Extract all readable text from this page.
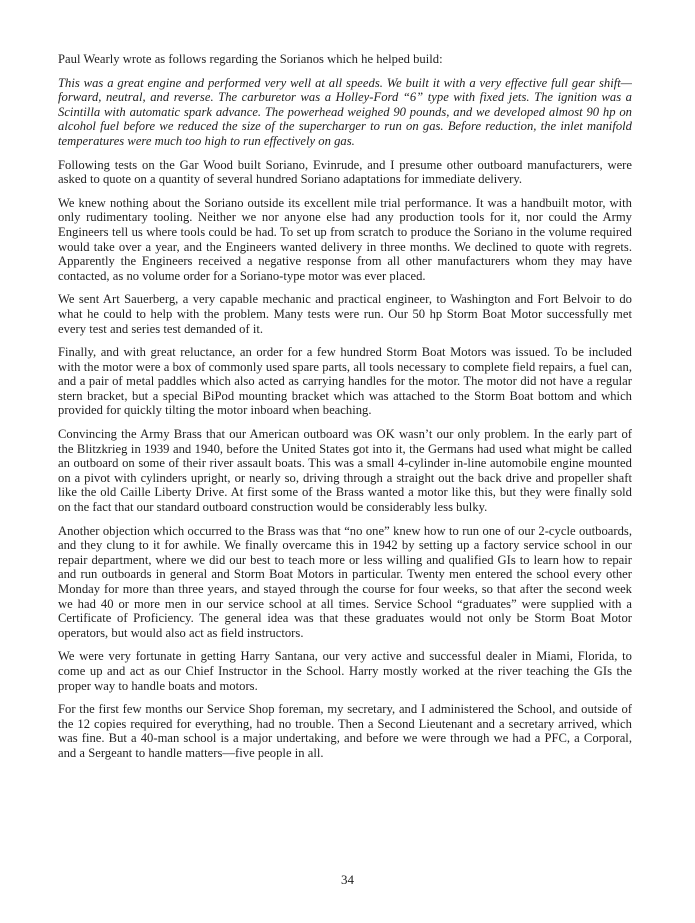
Paul Wearly wrote as follows regarding the Sorianos which he helped build:

This was a great engine and performed very well at all speeds. We built it with a very effective full gear shift—forward, neutral, and reverse. The carburetor was a Holley-Ford “6” type with fixed jets. The ignition was a Scintilla with automatic spark advance. The powerhead weighed 90 pounds, and we developed almost 90 hp on alcohol fuel before we reduced the size of the supercharger to run on gas. Before reduction, the inlet manifold temperatures were much too high to run effectively on gas.

Following tests on the Gar Wood built Soriano, Evinrude, and I presume other outboard manufacturers, were asked to quote on a quantity of several hundred Soriano adaptations for immediate delivery.

We knew nothing about the Soriano outside its excellent mile trial performance. It was a handbuilt motor, with only rudimentary tooling. Neither we nor anyone else had any production tools for it, nor could the Army Engineers tell us where tools could be had. To set up from scratch to produce the Soriano in the volume required would take over a year, and the Engineers wanted delivery in three months. We declined to quote with regrets. Apparently the Engineers received a negative response from all other manufacturers whom they may have contacted, as no volume order for a Soriano-type motor was ever placed.

We sent Art Sauerberg, a very capable mechanic and practical engineer, to Washington and Fort Belvoir to do what he could to help with the problem. Many tests were run. Our 50 hp Storm Boat Motor successfully met every test and series test demanded of it.

Finally, and with great reluctance, an order for a few hundred Storm Boat Motors was issued. To be included with the motor were a box of commonly used spare parts, all tools necessary to complete field repairs, a fuel can, and a pair of metal paddles which also acted as carrying handles for the motor. The motor did not have a regular stern bracket, but a special BiPod mounting bracket which was attached to the Storm Boat bottom and which provided for quickly tilting the motor inboard when beaching.

Convincing the Army Brass that our American outboard was OK wasn’t our only problem. In the early part of the Blitzkrieg in 1939 and 1940, before the United States got into it, the Germans had used what might be called an outboard on some of their river assault boats. This was a small 4-cylinder in-line automobile engine mounted on a pivot with cylinders upright, or nearly so, driving through a straight out the back drive and propeller shaft like the old Caille Liberty Drive. At first some of the Brass wanted a motor like this, but they were finally sold on the fact that our standard outboard construction would be considerably less bulky.

Another objection which occurred to the Brass was that “no one” knew how to run one of our 2-cycle outboards, and they clung to it for awhile. We finally overcame this in 1942 by setting up a factory service school in our repair department, where we did our best to teach more or less willing and qualified GIs to learn how to repair and run outboards in general and Storm Boat Motors in particular. Twenty men entered the school every other Monday for more than three years, and stayed through the course for four weeks, so that after the second week we had 40 or more men in our service school at all times. Service School “graduates” were supplied with a Certificate of Proficiency. The general idea was that these graduates would not only be Storm Boat Motor operators, but would also act as field instructors.

We were very fortunate in getting Harry Santana, our very active and successful dealer in Miami, Florida, to come up and act as our Chief Instructor in the School. Harry mostly worked at the river teaching the GIs the proper way to handle boats and motors.

For the first few months our Service Shop foreman, my secretary, and I administered the School, and outside of the 12 copies required for everything, had no trouble. Then a Second Lieutenant and a secretary arrived, which was fine. But a 40-man school is a major undertaking, and before we were through we had a PFC, a Corporal, and a Sergeant to handle matters—five people in all.

34
